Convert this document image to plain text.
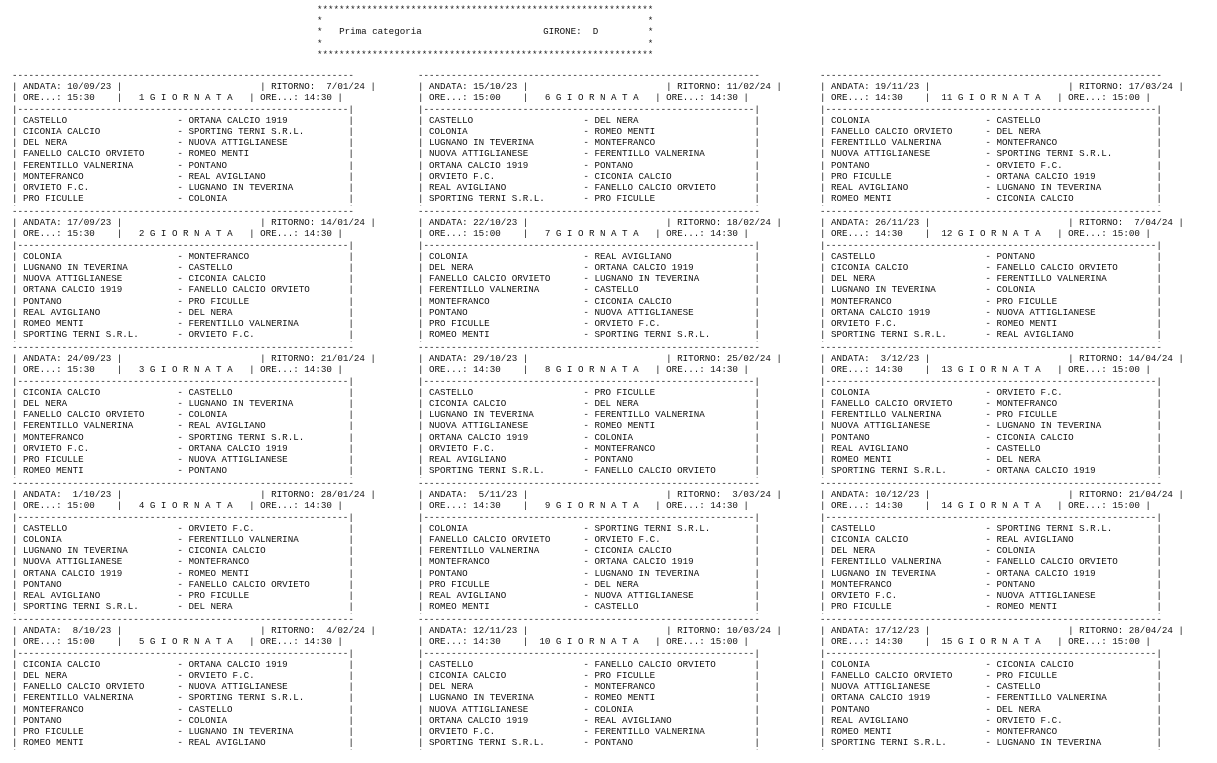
*************************************************************
*                                                           *
* Prima categoria	GIRONE: D	*
*                                                           *
*************************************************************
--------------------------------------------------------------
| ANDATA: 10/09/23 |                         | RITORNO:  7/01/24 |
| ORE...: 15:30    |   1 G I O R N A T A   | ORE...: 14:30 |
|------------------------------------------------------------|
| CASTELLO                    - ORTANA CALCIO 1919           |
| CICONIA CALCIO              - SPORTING TERNI S.R.L.        |
| DEL NERA                    - NUOVA ATTIGLIANESE           |
| FANELLO CALCIO ORVIETO      - ROMEO MENTI                  |
| FERENTILLO VALNERINA        - PONTANO                      |
| MONTEFRANCO                 - REAL AVIGLIANO               |
| ORVIETO F.C.                - LUGNANO IN TEVERINA          |
| PRO FICULLE                 - COLONIA                      |

--------------------------------------------------------------
| ANDATA: 17/09/23 |                         | RITORNO: 14/01/24 |
| ORE...: 15:30    |   2 G I O R N A T A   | ORE...: 14:30 |
|------------------------------------------------------------|
| COLONIA                     - MONTEFRANCO                  |
| LUGNANO IN TEVERINA         - CASTELLO                     |
| NUOVA ATTIGLIANESE          - CICONIA CALCIO               |
| ORTANA CALCIO 1919          - FANELLO CALCIO ORVIETO       |
| PONTANO                     - PRO FICULLE                  |
| REAL AVIGLIANO              - DEL NERA                     |
| ROMEO MENTI                 - FERENTILLO VALNERINA         |
| SPORTING TERNI S.R.L.       - ORVIETO F.C.                 |

--------------------------------------------------------------
| ANDATA: 24/09/23 |                         | RITORNO: 21/01/24 |
| ORE...: 15:30    |   3 G I O R N A T A   | ORE...: 14:30 |
|------------------------------------------------------------|
| CICONIA CALCIO              - CASTELLO                     |
| DEL NERA                    - LUGNANO IN TEVERINA          |
| FANELLO CALCIO ORVIETO      - COLONIA                      |
| FERENTILLO VALNERINA        - REAL AVIGLIANO               |
| MONTEFRANCO                 - SPORTING TERNI S.R.L.        |
| ORVIETO F.C.                - ORTANA CALCIO 1919           |
| PRO FICULLE                 - NUOVA ATTIGLIANESE           |
| ROMEO MENTI                 - PONTANO                      |

--------------------------------------------------------------
| ANDATA:  1/10/23 |                         | RITORNO: 28/01/24 |
| ORE...: 15:00    |   4 G I O R N A T A   | ORE...: 14:30 |
|------------------------------------------------------------|
| CASTELLO                    - ORVIETO F.C.                 |
| COLONIA                     - FERENTILLO VALNERINA         |
| LUGNANO IN TEVERINA         - CICONIA CALCIO               |
| NUOVA ATTIGLIANESE          - MONTEFRANCO                  |
| ORTANA CALCIO 1919          - ROMEO MENTI                  |
| PONTANO                     - FANELLO CALCIO ORVIETO       |
| REAL AVIGLIANO              - PRO FICULLE                  |
| SPORTING TERNI S.R.L.       - DEL NERA                     |

--------------------------------------------------------------
| ANDATA:  8/10/23 |                         | RITORNO:  4/02/24 |
| ORE...: 15:00    |   5 G I O R N A T A   | ORE...: 14:30 |
|------------------------------------------------------------|
| CICONIA CALCIO              - ORTANA CALCIO 1919           |
| DEL NERA                    - ORVIETO F.C.                 |
| FANELLO CALCIO ORVIETO      - NUOVA ATTIGLIANESE           |
| FERENTILLO VALNERINA        - SPORTING TERNI S.R.L.        |
| MONTEFRANCO                 - CASTELLO                     |
| PONTANO                     - COLONIA                      |
| PRO FICULLE                 - LUGNANO IN TEVERINA          |
| ROMEO MENTI                 - REAL AVIGLIANO               |

--------------------------------------------------------------
| ANDATA: 15/10/23 |                         | RITORNO: 11/02/24 |
| ORE...: 15:00    |   6 G I O R N A T A   | ORE...: 14:30 |
|------------------------------------------------------------|
| CASTELLO                    - DEL NERA                     |
| COLONIA                     - ROMEO MENTI                  |
| LUGNANO IN TEVERINA         - MONTEFRANCO                  |
| NUOVA ATTIGLIANESE          - FERENTILLO VALNERINA         |
| ORTANA CALCIO 1919          - PONTANO                      |
| ORVIETO F.C.                - CICONIA CALCIO               |
| REAL AVIGLIANO              - FANELLO CALCIO ORVIETO       |
| SPORTING TERNI S.R.L.       - PRO FICULLE                  |

--------------------------------------------------------------
| ANDATA: 22/10/23 |                         | RITORNO: 18/02/24 |
| ORE...: 15:00    |   7 G I O R N A T A   | ORE...: 14:30 |
|------------------------------------------------------------|
| COLONIA                     - REAL AVIGLIANO               |
| DEL NERA                    - ORTANA CALCIO 1919           |
| FANELLO CALCIO ORVIETO      - LUGNANO IN TEVERINA          |
| FERENTILLO VALNERINA        - CASTELLO                     |
| MONTEFRANCO                 - CICONIA CALCIO               |
| PONTANO                     - NUOVA ATTIGLIANESE           |
| PRO FICULLE                 - ORVIETO F.C.                 |
| ROMEO MENTI                 - SPORTING TERNI S.R.L.        |

--------------------------------------------------------------
| ANDATA: 29/10/23 |                         | RITORNO: 25/02/24 |
| ORE...: 14:30    |   8 G I O R N A T A   | ORE...: 14:30 |
|------------------------------------------------------------|
| CASTELLO                    - PRO FICULLE                  |
| CICONIA CALCIO              - DEL NERA                     |
| LUGNANO IN TEVERINA         - FERENTILLO VALNERINA         |
| NUOVA ATTIGLIANESE          - ROMEO MENTI                  |
| ORTANA CALCIO 1919          - COLONIA                      |
| ORVIETO F.C.                - MONTEFRANCO                  |
| REAL AVIGLIANO              - PONTANO                      |
| SPORTING TERNI S.R.L.       - FANELLO CALCIO ORVIETO       |

--------------------------------------------------------------
| ANDATA:  5/11/23 |                         | RITORNO:  3/03/24 |
| ORE...: 14:30    |   9 G I O R N A T A   | ORE...: 14:30 |
|------------------------------------------------------------|
| COLONIA                     - SPORTING TERNI S.R.L.        |
| FANELLO CALCIO ORVIETO      - ORVIETO F.C.                 |
| FERENTILLO VALNERINA        - CICONIA CALCIO               |
| MONTEFRANCO                 - ORTANA CALCIO 1919           |
| PONTANO                     - LUGNANO IN TEVERINA          |
| PRO FICULLE                 - DEL NERA                     |
| REAL AVIGLIANO              - NUOVA ATTIGLIANESE           |
| ROMEO MENTI                 - CASTELLO                     |

--------------------------------------------------------------
| ANDATA: 12/11/23 |                         | RITORNO: 10/03/24 |
| ORE...: 14:30    |  10 G I O R N A T A   | ORE...: 15:00 |
|------------------------------------------------------------|
| CASTELLO                    - FANELLO CALCIO ORVIETO       |
| CICONIA CALCIO              - PRO FICULLE                  |
| DEL NERA                    - MONTEFRANCO                  |
| LUGNANO IN TEVERINA         - ROMEO MENTI                  |
| NUOVA ATTIGLIANESE          - COLONIA                      |
| ORTANA CALCIO 1919          - REAL AVIGLIANO               |
| ORVIETO F.C.                - FERENTILLO VALNERINA         |
| SPORTING TERNI S.R.L.       - PONTANO                      |

--------------------------------------------------------------
| ANDATA: 19/11/23 |                         | RITORNO: 17/03/24 |
| ORE...: 14:30    |  11 G I O R N A T A   | ORE...: 15:00 |
|------------------------------------------------------------|
| COLONIA                     - CASTELLO                     |
| FANELLO CALCIO ORVIETO      - DEL NERA                     |
| FERENTILLO VALNERINA        - MONTEFRANCO                  |
| NUOVA ATTIGLIANESE          - SPORTING TERNI S.R.L.        |
| PONTANO                     - ORVIETO F.C.                 |
| PRO FICULLE                 - ORTANA CALCIO 1919           |
| REAL AVIGLIANO              - LUGNANO IN TEVERINA          |
| ROMEO MENTI                 - CICONIA CALCIO               |

--------------------------------------------------------------
| ANDATA: 26/11/23 |                         | RITORNO:  7/04/24 |
| ORE...: 14:30    |  12 G I O R N A T A   | ORE...: 15:00 |
|------------------------------------------------------------|
| CASTELLO                    - PONTANO                      |
| CICONIA CALCIO              - FANELLO CALCIO ORVIETO       |
| DEL NERA                    - FERENTILLO VALNERINA         |
| LUGNANO IN TEVERINA         - COLONIA                      |
| MONTEFRANCO                 - PRO FICULLE                  |
| ORTANA CALCIO 1919          - NUOVA ATTIGLIANESE           |
| ORVIETO F.C.                - ROMEO MENTI                  |
| SPORTING TERNI S.R.L.       - REAL AVIGLIANO               |

--------------------------------------------------------------
| ANDATA:  3/12/23 |                         | RITORNO: 14/04/24 |
| ORE...: 14:30    |  13 G I O R N A T A   | ORE...: 15:00 |
|------------------------------------------------------------|
| COLONIA                     - ORVIETO F.C.                 |
| FANELLO CALCIO ORVIETO      - MONTEFRANCO                  |
| FERENTILLO VALNERINA        - PRO FICULLE                  |
| NUOVA ATTIGLIANESE          - LUGNANO IN TEVERINA          |
| PONTANO                     - CICONIA CALCIO               |
| REAL AVIGLIANO              - CASTELLO                     |
| ROMEO MENTI                 - DEL NERA                     |
| SPORTING TERNI S.R.L.       - ORTANA CALCIO 1919           |

--------------------------------------------------------------
| ANDATA: 10/12/23 |                         | RITORNO: 21/04/24 |
| ORE...: 14:30    |  14 G I O R N A T A   | ORE...: 15:00 |
|------------------------------------------------------------|
| CASTELLO                    - SPORTING TERNI S.R.L.        |
| CICONIA CALCIO              - REAL AVIGLIANO               |
| DEL NERA                    - COLONIA                      |
| FERENTILLO VALNERINA        - FANELLO CALCIO ORVIETO       |
| LUGNANO IN TEVERINA         - ORTANA CALCIO 1919           |
| MONTEFRANCO                 - PONTANO                      |
| ORVIETO F.C.                - NUOVA ATTIGLIANESE           |
| PRO FICULLE                 - ROMEO MENTI                  |

--------------------------------------------------------------
| ANDATA: 17/12/23 |                         | RITORNO: 28/04/24 |
| ORE...: 14:30    |  15 G I O R N A T A   | ORE...: 15:00 |
|------------------------------------------------------------|
| COLONIA                     - CICONIA CALCIO               |
| FANELLO CALCIO ORVIETO      - PRO FICULLE                  |
| NUOVA ATTIGLIANESE          - CASTELLO                     |
| ORTANA CALCIO 1919          - FERENTILLO VALNERINA         |
| PONTANO                     - DEL NERA                     |
| REAL AVIGLIANO              - ORVIETO F.C.                 |
| ROMEO MENTI                 - MONTEFRANCO                  |
| SPORTING TERNI S.R.L.       - LUGNANO IN TEVERINA          |
